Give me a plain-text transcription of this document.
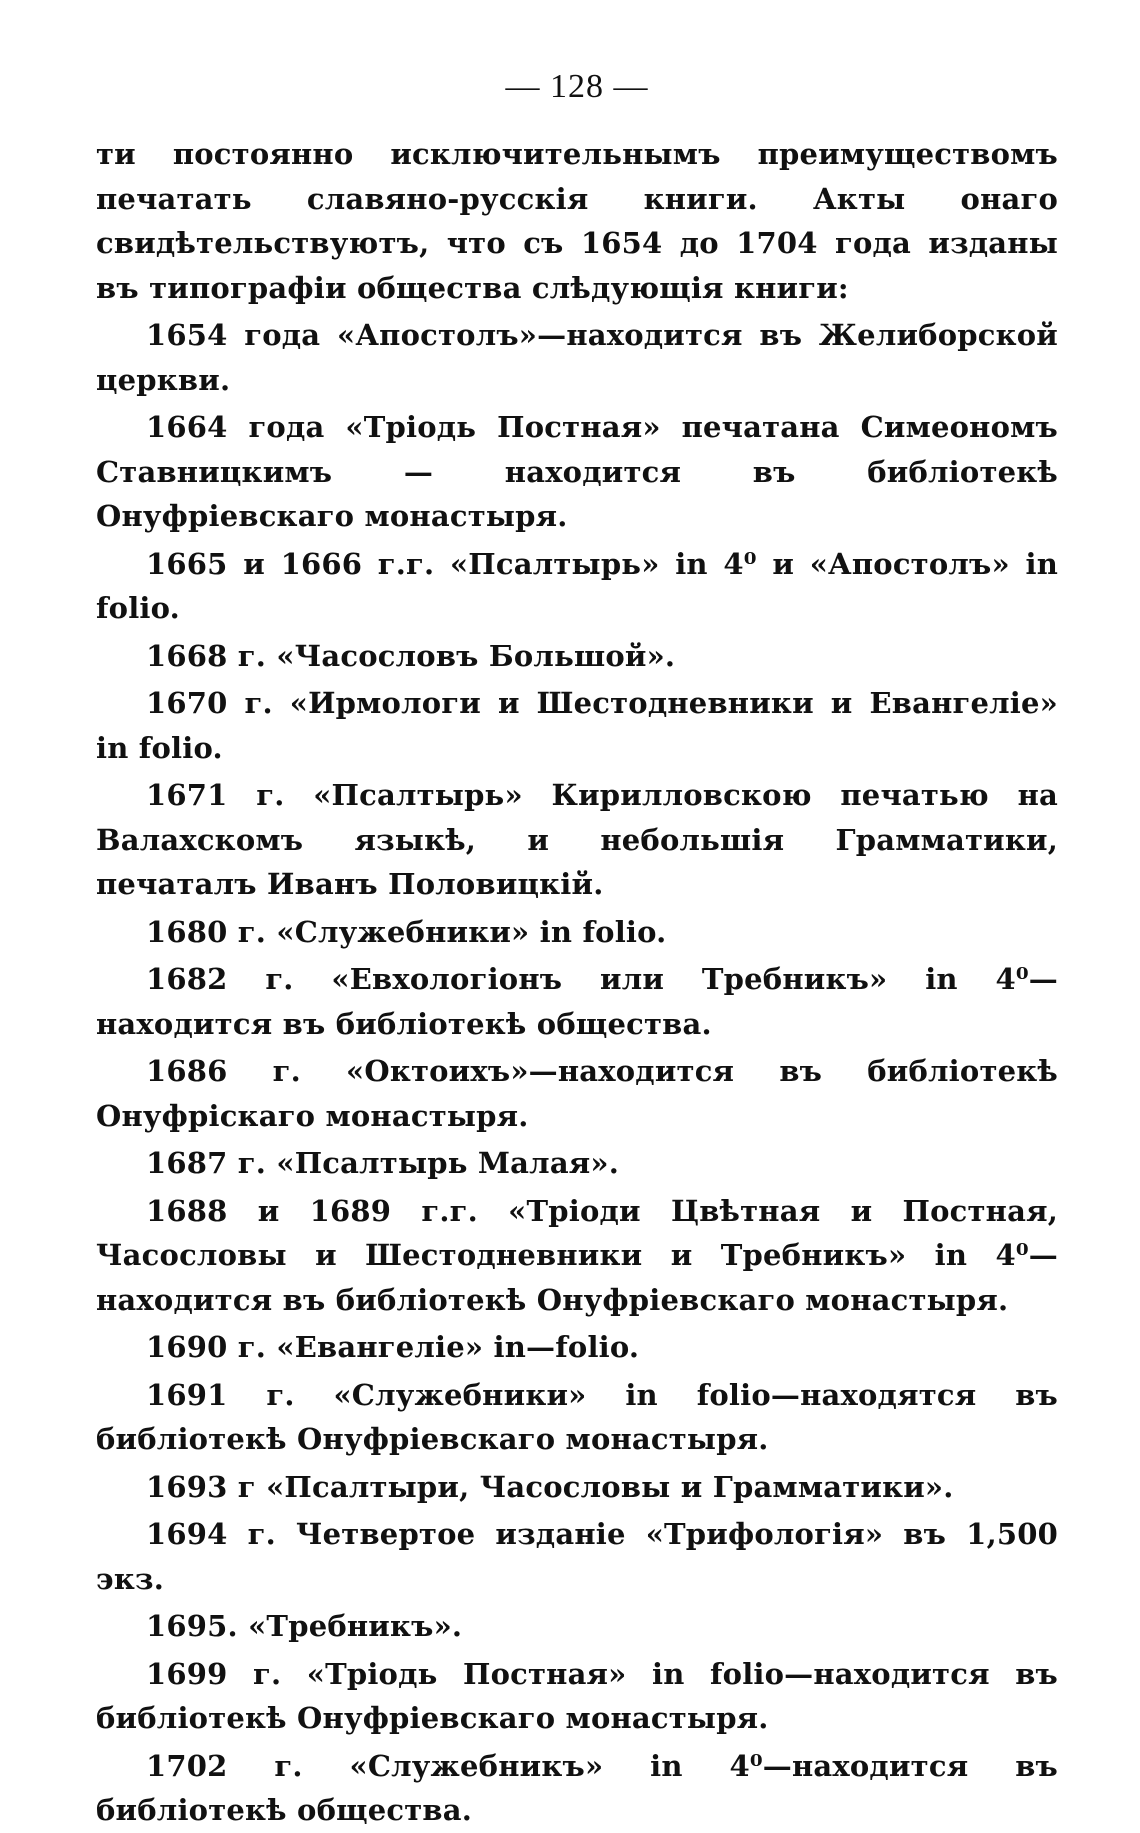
— 128 —

ти постоянно исключительнымъ преимуществомъ печатать славяно-русскія книги. Акты онаго свидѣтельствуютъ, что съ 1654 до 1704 года изданы въ типографіи общества слѣдующія книги:

1654 года «Апостолъ»—находится въ Желиборской церкви.

1664 года «Тріодь Постная» печатана Симеономъ Ставницкимъ — находится въ библіотекѣ Онуфріевскаго монастыря.

1665 и 1666 г.г. «Псалтырь» in 4⁰ и «Апостолъ» in folio.

1668 г. «Часословъ Большой».

1670 г. «Ирмологи и Шестодневники и Евангеліе» in folio.

1671 г. «Псалтырь» Кирилловскою печатью на Валахскомъ языкѣ, и небольшія Грамматики, печаталъ Иванъ Половицкій.

1680 г. «Служебники» in folio.

1682 г. «Евхологіонъ или Требникъ» in 4⁰—находится въ библіотекѣ общества.

1686 г. «Октоихъ»—находится въ библіотекѣ Онуфріскаго монастыря.

1687 г. «Псалтырь Малая».

1688 и 1689 г.г. «Тріоди Цвѣтная и Постная, Часословы и Шестодневники и Требникъ» in 4⁰—находится въ библіотекѣ Онуфріевскаго монастыря.

1690 г. «Евангеліе» in—folio.

1691 г. «Служебники» in folio—находятся въ библіотекѣ Онуфріевскаго монастыря.

1693 г «Псалтыри, Часословы и Грамматики».

1694 г. Четвертое изданіе «Трифологія» въ 1,500 экз.

1695. «Требникъ».

1699 г. «Тріодь Постная» in folio—находится въ библіотекѣ Онуфріевскаго монастыря.

1702 г. «Служебникъ» in 4⁰—находится въ библіотекѣ общества.
